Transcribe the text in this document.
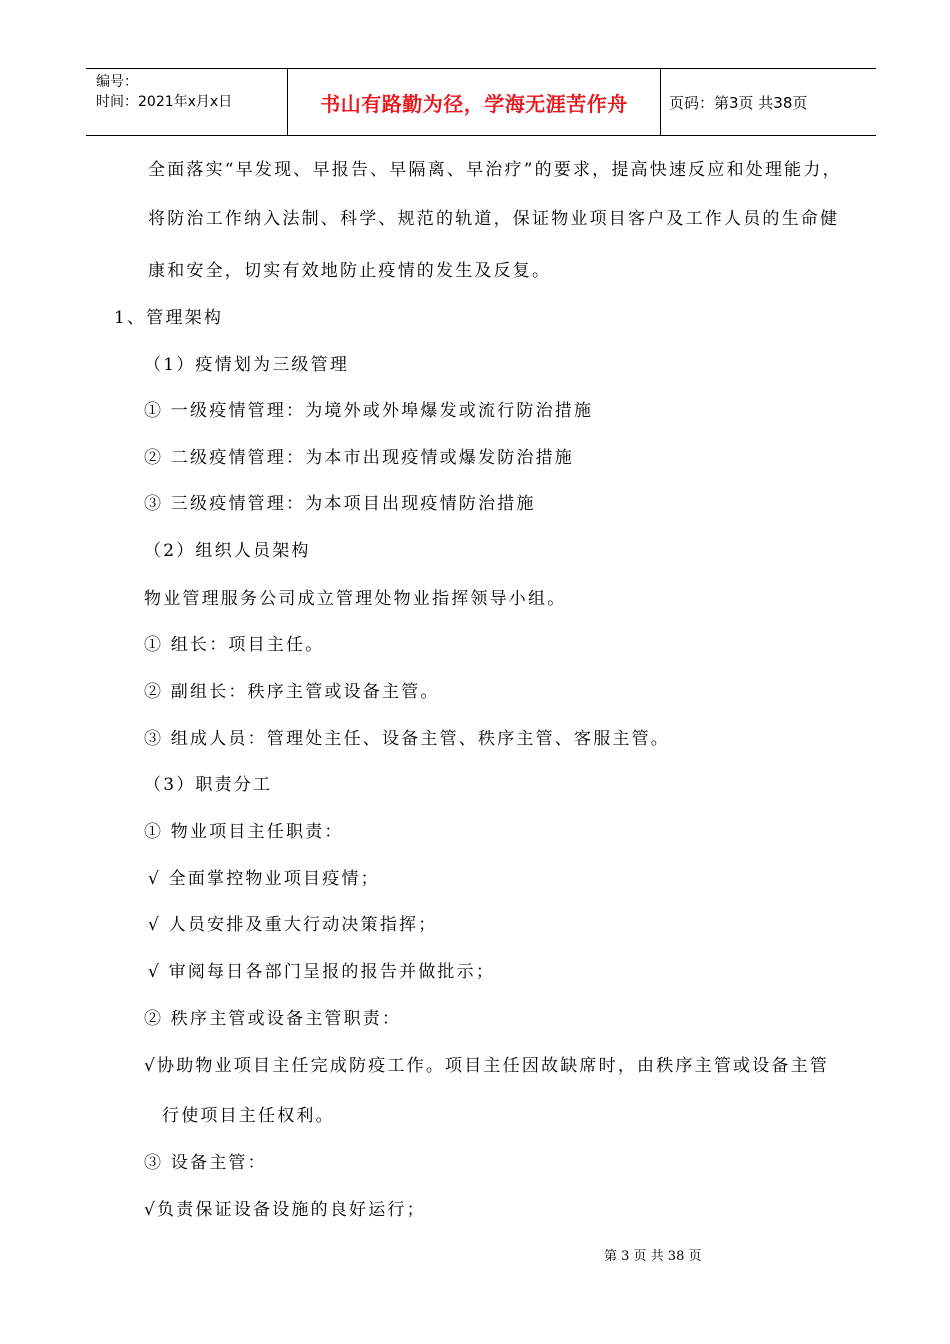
编号：
时间：2021年x月x日	书山有路勤为径，学海无涯苦作舟	页码：第3页 共38页
全面落实“早发现、早报告、早隔离、早治疗”的要求，提高快速反应和处理能力，
将防治工作纳入法制、科学、规范的轨道，保证物业项目客户及工作人员的生命健
康和安全，切实有效地防止疫情的发生及反复。
1、管理架构
（1）疫情划为三级管理
① 一级疫情管理：为境外或外埠爆发或流行防治措施
② 二级疫情管理：为本市出现疫情或爆发防治措施
③ 三级疫情管理：为本项目出现疫情防治措施
（2）组织人员架构
物业管理服务公司成立管理处物业指挥领导小组。
① 组长：项目主任。
② 副组长：秩序主管或设备主管。
③ 组成人员：管理处主任、设备主管、秩序主管、客服主管。
（3）职责分工
① 物业项目主任职责：
√ 全面掌控物业项目疫情；
√ 人员安排及重大行动决策指挥；
√ 审阅每日各部门呈报的报告并做批示；
② 秩序主管或设备主管职责：
√协助物业项目主任完成防疫工作。项目主任因故缺席时，由秩序主管或设备主管
行使项目主任权利。
③ 设备主管：
√负责保证设备设施的良好运行；
第 3 页 共 38 页
